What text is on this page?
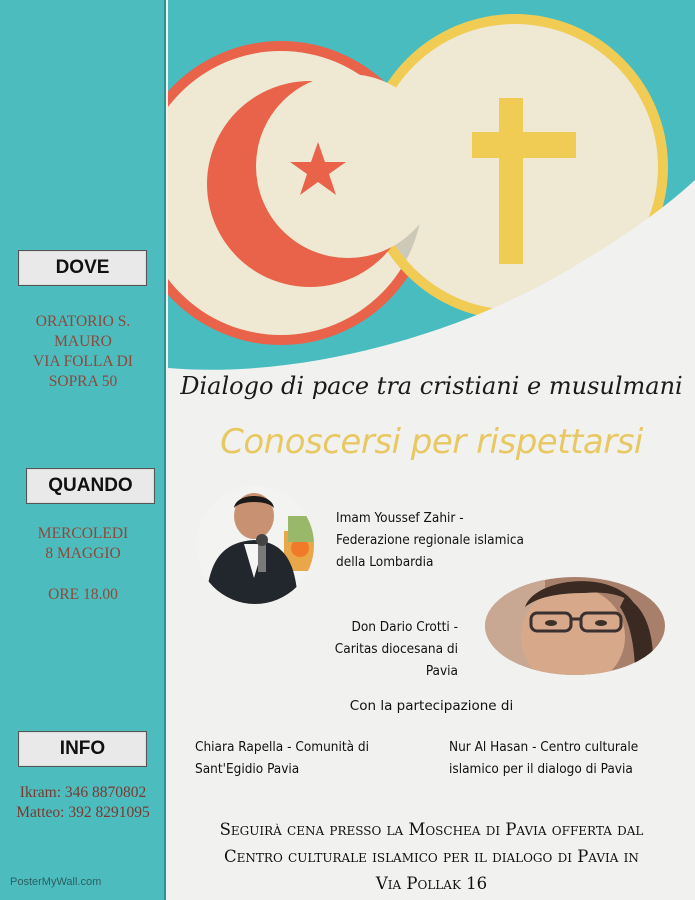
DOVE
ORATORIO S.
MAURO
VIA FOLLA DI
SOPRA 50
QUANDO
MERCOLEDI
8 MAGGIO
ORE 18.00
INFO
Ikram: 346 8870802
Matteo: 392 8291095
PosterMyWall.com
Dialogo di pace tra cristiani e musulmani
Conoscersi per rispettarsi
Imam Youssef Zahir -
Federazione regionale islamica
della Lombardia
Don Dario Crotti -
Caritas diocesana di Pavia
Con la partecipazione di
Chiara Rapella - Comunità di
Sant'Egidio Pavia
Nur Al Hasan - Centro culturale
islamico per il dialogo di Pavia
Seguirà cena presso la Moschea di Pavia offerta dal
Centro culturale islamico per il dialogo di Pavia in
Via Pollak 16
